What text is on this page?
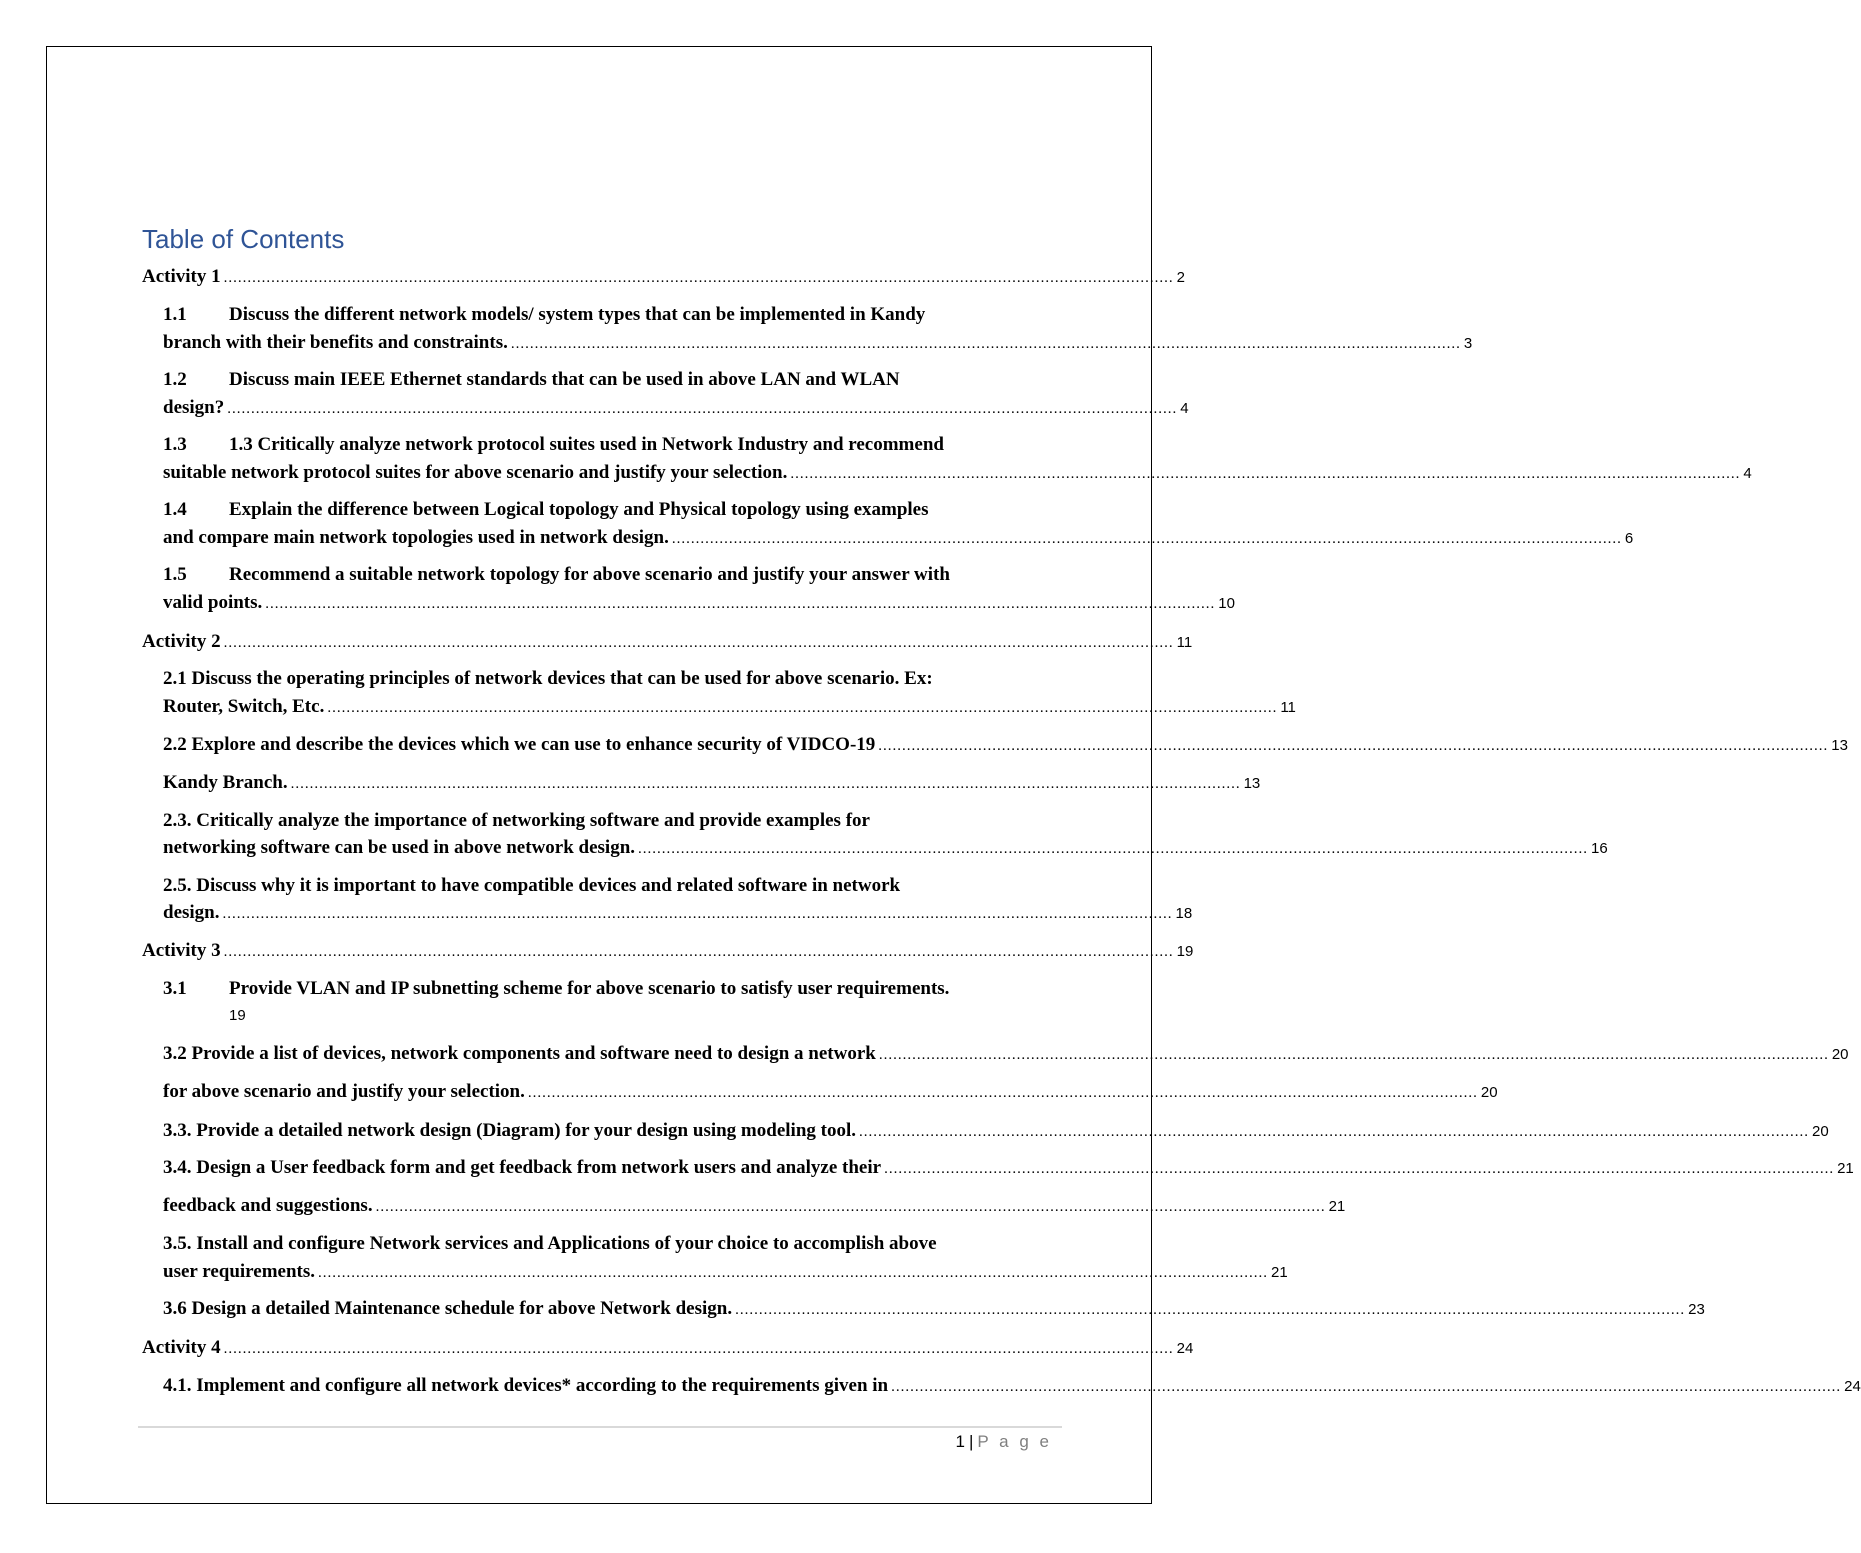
Table of Contents
Activity 1 ........................................................................................................................................................................................................ 2
1.1 Discuss the different network models/ system types that can be implemented in Kandy
branch with their benefits and constraints. ........................................................................................................................................................................................................ 3
1.2 Discuss main IEEE Ethernet standards that can be used in above LAN and WLAN
design? ........................................................................................................................................................................................................ 4
1.3 1.3 Critically analyze network protocol suites used in Network Industry and recommend
suitable network protocol suites for above scenario and justify your selection. ........................................................................................................................................................................................................ 4
1.4 Explain the difference between Logical topology and Physical topology using examples
and compare main network topologies used in network design. ........................................................................................................................................................................................................ 6
1.5 Recommend a suitable network topology for above scenario and justify your answer with
valid points. ........................................................................................................................................................................................................ 10
Activity 2 ........................................................................................................................................................................................................ 11
2.1 Discuss the operating principles of network devices that can be used for above scenario. Ex:
Router, Switch, Etc. ........................................................................................................................................................................................................ 11
2.2 Explore and describe the devices which we can use to enhance security of VIDCO-19 ........................................................................................................................................................................................................ 13
Kandy Branch. ........................................................................................................................................................................................................ 13
2.3. Critically analyze the importance of networking software and provide examples for
networking software can be used in above network design. ........................................................................................................................................................................................................ 16
2.5. Discuss why it is important to have compatible devices and related software in network
design. ........................................................................................................................................................................................................ 18
Activity 3 ........................................................................................................................................................................................................ 19
3.1 Provide VLAN and IP subnetting scheme for above scenario to satisfy user requirements.
19
3.2 Provide a list of devices, network components and software need to design a network ........................................................................................................................................................................................................ 20
for above scenario and justify your selection. ........................................................................................................................................................................................................ 20
3.3. Provide a detailed network design (Diagram) for your design using modeling tool. ........................................................................................................................................................................................................ 20
3.4. Design a User feedback form and get feedback from network users and analyze their ........................................................................................................................................................................................................ 21
feedback and suggestions. ........................................................................................................................................................................................................ 21
3.5. Install and configure Network services and Applications of your choice to accomplish above
user requirements. ........................................................................................................................................................................................................ 21
3.6 Design a detailed Maintenance schedule for above Network design. ........................................................................................................................................................................................................ 23
Activity 4 ........................................................................................................................................................................................................ 24
4.1. Implement and configure all network devices* according to the requirements given in ........................................................................................................................................................................................................ 24
1 | P a g e
